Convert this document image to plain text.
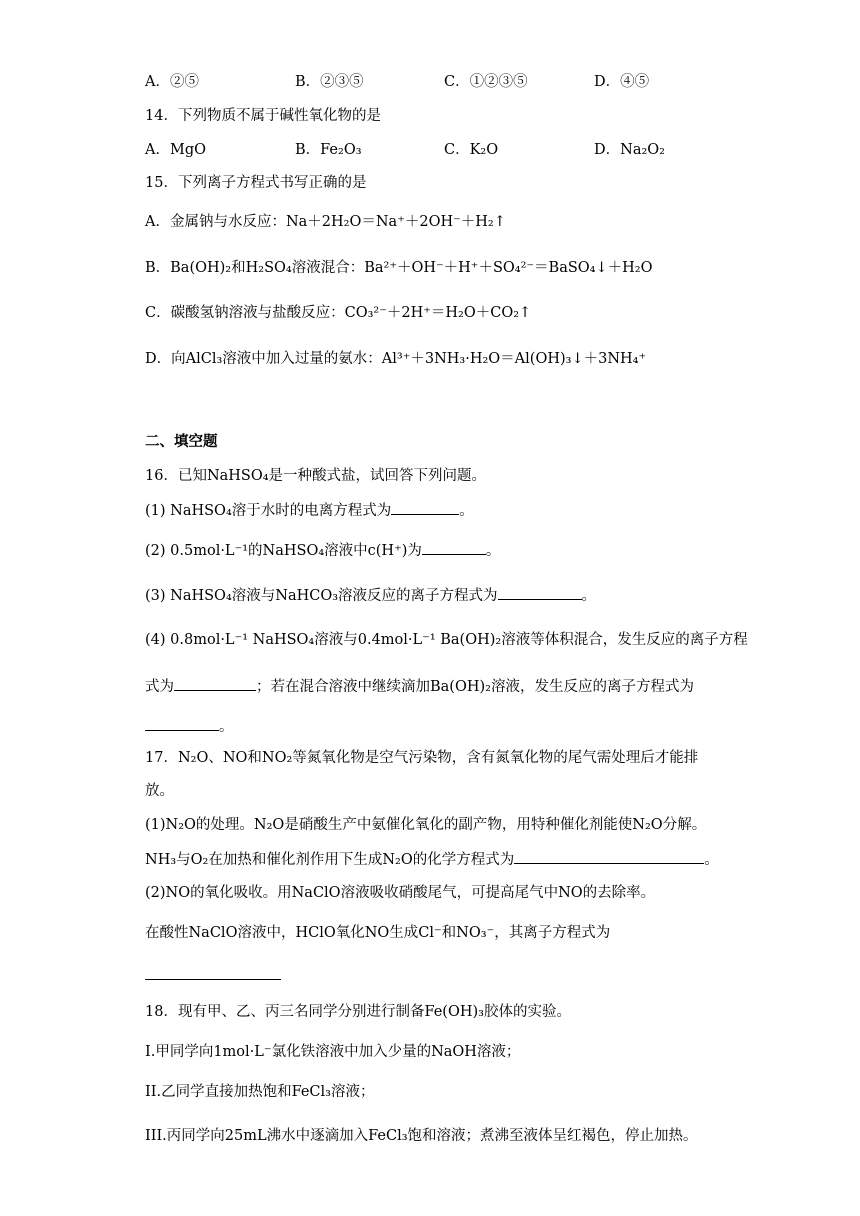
A．②⑤	B．②③⑤	C．①②③⑤	D．④⑤
14．下列物质不属于碱性氧化物的是
A．MgO	B．Fe₂O₃	C．K₂O	D．Na₂O₂
15．下列离子方程式书写正确的是
A．金属钠与水反应：Na＋2H₂O＝Na⁺＋2OH⁻＋H₂↑
B．Ba(OH)₂和H₂SO₄溶液混合：Ba²⁺＋OH⁻＋H⁺＋SO₄²⁻＝BaSO₄↓＋H₂O
C．碳酸氢钠溶液与盐酸反应：CO₃²⁻＋2H⁺＝H₂O＋CO₂↑
D．向AlCl₃溶液中加入过量的氨水：Al³⁺＋3NH₃·H₂O＝Al(OH)₃↓＋3NH₄⁺
二、填空题
16．已知NaHSO₄是一种酸式盐，试回答下列问题。
(1) NaHSO₄溶于水时的电离方程式为	。
(2) 0.5mol·L⁻¹的NaHSO₄溶液中c(H⁺)为	。
(3) NaHSO₄溶液与NaHCO₃溶液反应的离子方程式为	。
(4) 0.8mol·L⁻¹ NaHSO₄溶液与0.4mol·L⁻¹ Ba(OH)₂溶液等体积混合，发生反应的离子方程
式为	；若在混合溶液中继续滴加Ba(OH)₂溶液，发生反应的离子方程式为
。
17．N₂O、NO和NO₂等氮氧化物是空气污染物，含有氮氧化物的尾气需处理后才能排
放。
(1)N₂O的处理。N₂O是硝酸生产中氨催化氧化的副产物，用特种催化剂能使N₂O分解。
NH₃与O₂在加热和催化剂作用下生成N₂O的化学方程式为	。
(2)NO的氧化吸收。用NaClO溶液吸收硝酸尾气，可提高尾气中NO的去除率。
在酸性NaClO溶液中，HClO氧化NO生成Cl⁻和NO₃⁻，其离子方程式为
18．现有甲、乙、丙三名同学分别进行制备Fe(OH)₃胶体的实验。
I.甲同学向1mol·L⁻氯化铁溶液中加入少量的NaOH溶液；
II.乙同学直接加热饱和FeCl₃溶液；
III.丙同学向25mL沸水中逐滴加入FeCl₃饱和溶液；煮沸至液体呈红褐色，停止加热。
